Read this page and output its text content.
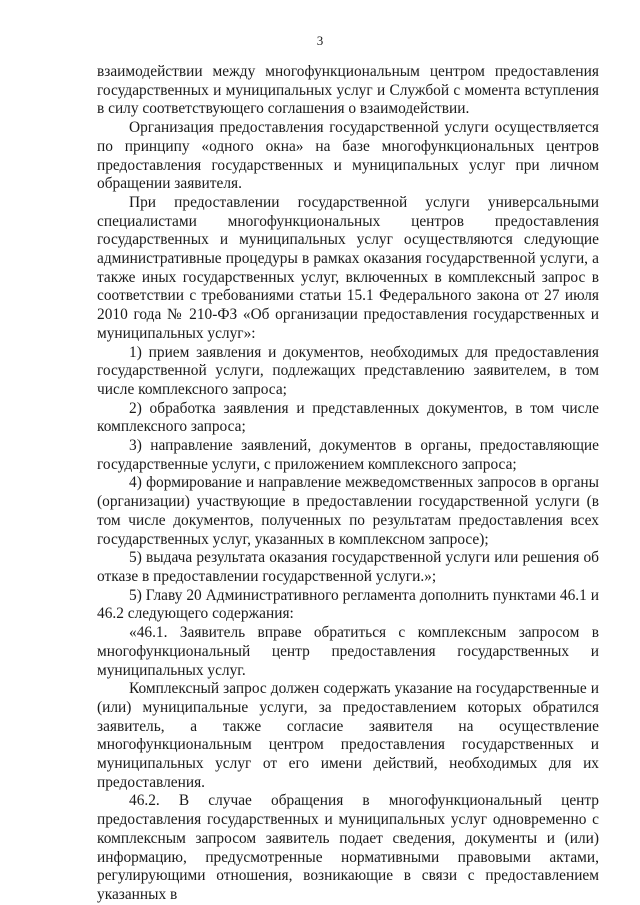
3

взаимодействии между многофункциональным центром предоставления государственных и муниципальных услуг и Службой с момента вступления в силу соответствующего соглашения о взаимодействии.

Организация предоставления государственной услуги осуществляется по принципу «одного окна» на базе многофункциональных центров предоставления государственных и муниципальных услуг при личном обращении заявителя.

При предоставлении государственной услуги универсальными специалистами многофункциональных центров предоставления государственных и муниципальных услуг осуществляются следующие административные процедуры в рамках оказания государственной услуги, а также иных государственных услуг, включенных в комплексный запрос в соответствии с требованиями статьи 15.1 Федерального закона от 27 июля 2010 года № 210-ФЗ «Об организации предоставления государственных и муниципальных услуг»:

1) прием заявления и документов, необходимых для предоставления государственной услуги, подлежащих представлению заявителем, в том числе комплексного запроса;

2) обработка заявления и представленных документов, в том числе комплексного запроса;

3) направление заявлений, документов в органы, предоставляющие государственные услуги, с приложением комплексного запроса;

4) формирование и направление межведомственных запросов в органы (организации) участвующие в предоставлении государственной услуги (в том числе документов, полученных по результатам предоставления всех государственных услуг, указанных в комплексном запросе);

5) выдача результата оказания государственной услуги или решения об отказе в предоставлении государственной услуги.»;

5) Главу 20 Административного регламента дополнить пунктами 46.1 и 46.2 следующего содержания:

«46.1. Заявитель вправе обратиться с комплексным запросом в многофункциональный центр предоставления государственных и муниципальных услуг.

Комплексный запрос должен содержать указание на государственные и (или) муниципальные услуги, за предоставлением которых обратился заявитель, а также согласие заявителя на осуществление многофункциональным центром предоставления государственных и муниципальных услуг от его имени действий, необходимых для их предоставления.

46.2. В случае обращения в многофункциональный центр предоставления государственных и муниципальных услуг одновременно с комплексным запросом заявитель подает сведения, документы и (или) информацию, предусмотренные нормативными правовыми актами, регулирующими отношения, возникающие в связи с предоставлением указанных в
